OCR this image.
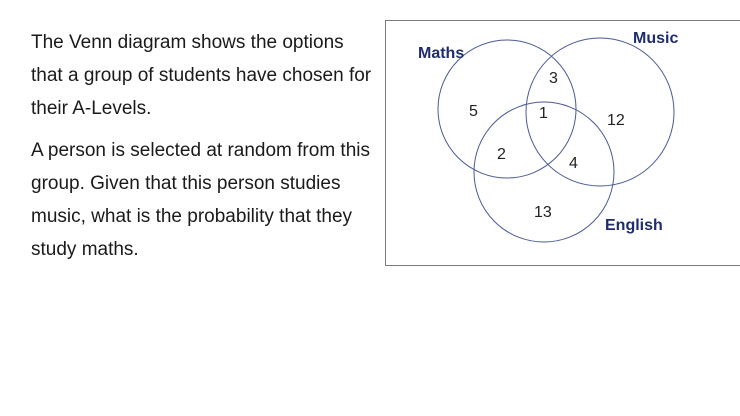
The Venn diagram shows the options that a group of students have chosen for their A-Levels.

A person is selected at random from this group. Given that this person studies music, what is the probability that they study maths.

Maths
Music
English
5
3
1	12
2
4
13
